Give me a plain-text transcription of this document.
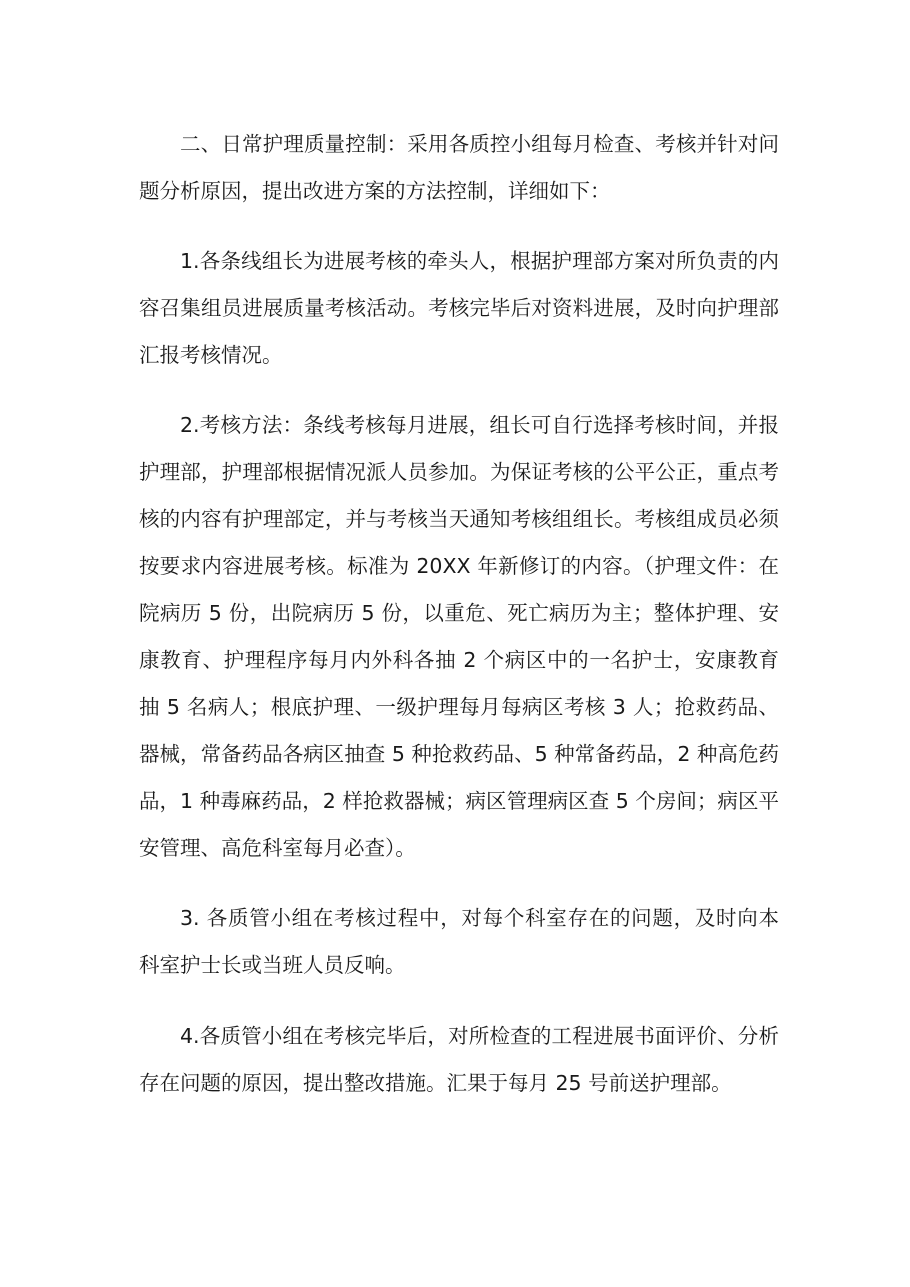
二、日常护理质量控制：采用各质控小组每月检查、考核并针对问题分析原因，提出改进方案的方法控制，详细如下：

1.各条线组长为进展考核的牵头人，根据护理部方案对所负责的内容召集组员进展质量考核活动。考核完毕后对资料进展，及时向护理部汇报考核情况。

2.考核方法：条线考核每月进展，组长可自行选择考核时间，并报护理部，护理部根据情况派人员参加。为保证考核的公平公正，重点考核的内容有护理部定，并与考核当天通知考核组组长。考核组成员必须按要求内容进展考核。标准为 20XX 年新修订的内容。（护理文件：在院病历 5 份，出院病历 5 份，以重危、死亡病历为主；整体护理、安康教育、护理程序每月内外科各抽 2 个病区中的一名护士，安康教育抽 5 名病人；根底护理、一级护理每月每病区考核 3 人；抢救药品、器械，常备药品各病区抽查 5 种抢救药品、5 种常备药品，2 种高危药品，1 种毒麻药品，2 样抢救器械；病区管理病区查 5 个房间；病区平安管理、高危科室每月必查）。

3. 各质管小组在考核过程中，对每个科室存在的问题，及时向本科室护士长或当班人员反响。

4.各质管小组在考核完毕后，对所检查的工程进展书面评价、分析存在问题的原因，提出整改措施。汇果于每月 25 号前送护理部。
